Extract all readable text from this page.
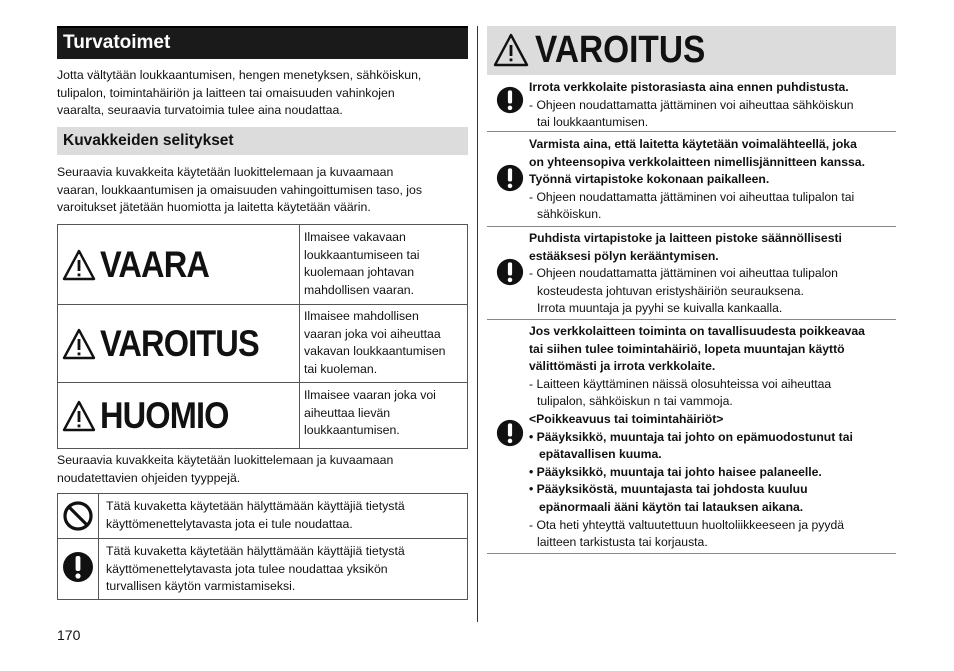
Turvatoimet
Jotta vältytään loukkaantumisen, hengen menetyksen, sähköiskun,
tulipalon, toimintahäiriön ja laitteen tai omaisuuden vahinkojen
vaaralta, seuraavia turvatoimia tulee aina noudattaa.
Kuvakkeiden selitykset
Seuraavia kuvakkeita käytetään luokittelemaan ja kuvaamaan
vaaran, loukkaantumisen ja omaisuuden vahingoittumisen taso, jos
varoitukset jätetään huomiotta ja laitetta käytetään väärin.
VAARA
Ilmaisee vakavaan
loukkaantumiseen tai
kuolemaan johtavan
mahdollisen vaaran.
VAROITUS
Ilmaisee mahdollisen
vaaran joka voi aiheuttaa
vakavan loukkaantumisen
tai kuoleman.
HUOMIO	Ilmaisee vaaran joka voi
aiheuttaa lievän
loukkaantumisen.
Seuraavia kuvakkeita käytetään luokittelemaan ja kuvaamaan
noudatettavien ohjeiden tyyppejä.
Tätä kuvaketta käytetään hälyttämään käyttäjiä tietystä
käyttömenettelytavasta jota ei tule noudattaa.
Tätä kuvaketta käytetään hälyttämään käyttäjiä tietystä
käyttömenettelytavasta jota tulee noudattaa yksikön
turvallisen käytön varmistamiseksi.
170
VAROITUS
Irrota verkkolaite pistorasiasta aina ennen puhdistusta.
- Ohjeen noudattamatta jättäminen voi aiheuttaa sähköiskun
tai loukkaantumisen.
Varmista aina, että laitetta käytetään voimalähteellä, joka
on yhteensopiva verkkolaitteen nimellisjännitteen kanssa.
Työnnä virtapistoke kokonaan paikalleen.
- Ohjeen noudattamatta jättäminen voi aiheuttaa tulipalon tai
sähköiskun.
Puhdista virtapistoke ja laitteen pistoke säännöllisesti
estääksesi pölyn kerääntymisen.
- Ohjeen noudattamatta jättäminen voi aiheuttaa tulipalon
kosteudesta johtuvan eristyshäiriön seurauksena.
Irrota muuntaja ja pyyhi se kuivalla kankaalla.
Jos verkkolaitteen toiminta on tavallisuudesta poikkeavaa
tai siihen tulee toimintahäiriö, lopeta muuntajan käyttö
välittömästi ja irrota verkkolaite.
- Laitteen käyttäminen näissä olosuhteissa voi aiheuttaa
tulipalon, sähköiskun n tai vammoja.
<Poikkeavuus tai toimintahäiriöt>
• Pääyksikkö, muuntaja tai johto on epämuodostunut tai
epätavallisen kuuma.
• Pääyksikkö, muuntaja tai johto haisee palaneelle.
• Pääyksiköstä, muuntajasta tai johdosta kuuluu
epänormaali ääni käytön tai latauksen aikana.
- Ota heti yhteyttä valtuutettuun huoltoliikkeeseen ja pyydä
laitteen tarkistusta tai korjausta.
